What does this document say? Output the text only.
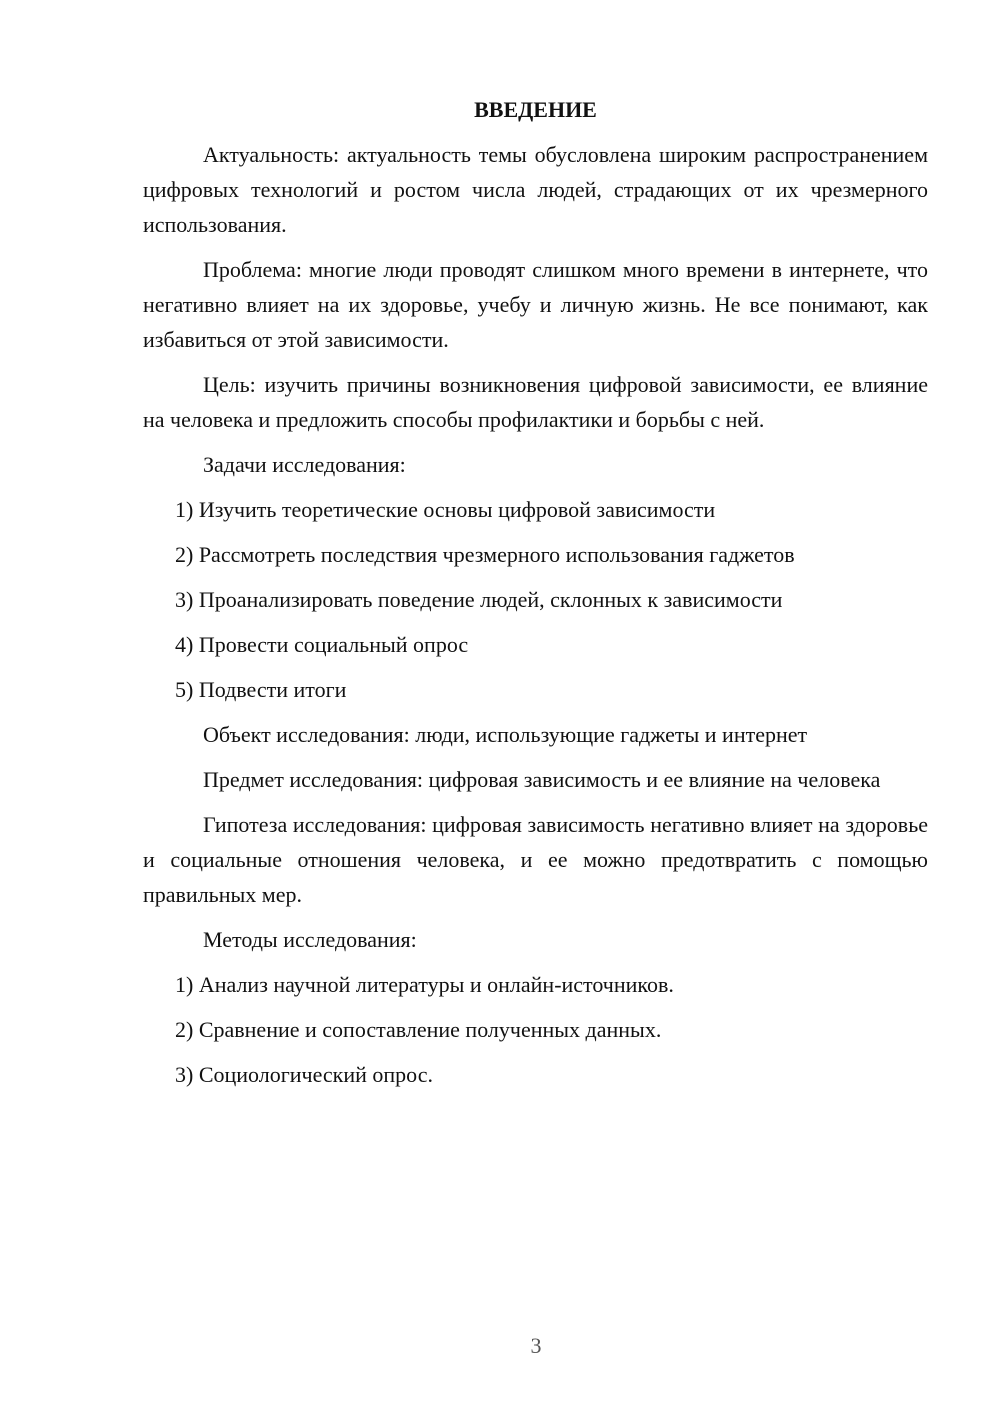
ВВЕДЕНИЕ

Актуальность: актуальность темы обусловлена широким распространением цифровых технологий и ростом числа людей, страдающих от их чрезмерного использования.

Проблема: многие люди проводят слишком много времени в интернете, что негативно влияет на их здоровье, учебу и личную жизнь. Не все понимают, как избавиться от этой зависимости.

Цель: изучить причины возникновения цифровой зависимости, ее влияние на человека и предложить способы профилактики и борьбы с ней.

Задачи исследования:

1) Изучить теоретические основы цифровой зависимости
2) Рассмотреть последствия чрезмерного использования гаджетов
3) Проанализировать поведение людей, склонных к зависимости
4) Провести социальный опрос
5) Подвести итоги

Объект исследования: люди, использующие гаджеты и интернет

Предмет исследования: цифровая зависимость и ее влияние на человека

Гипотеза исследования: цифровая зависимость негативно влияет на здоровье и социальные отношения человека, и ее можно предотвратить с помощью правильных мер.

Методы исследования:

1) Анализ научной литературы и онлайн-источников.
2) Сравнение и сопоставление полученных данных.
3) Социологический опрос.
3
